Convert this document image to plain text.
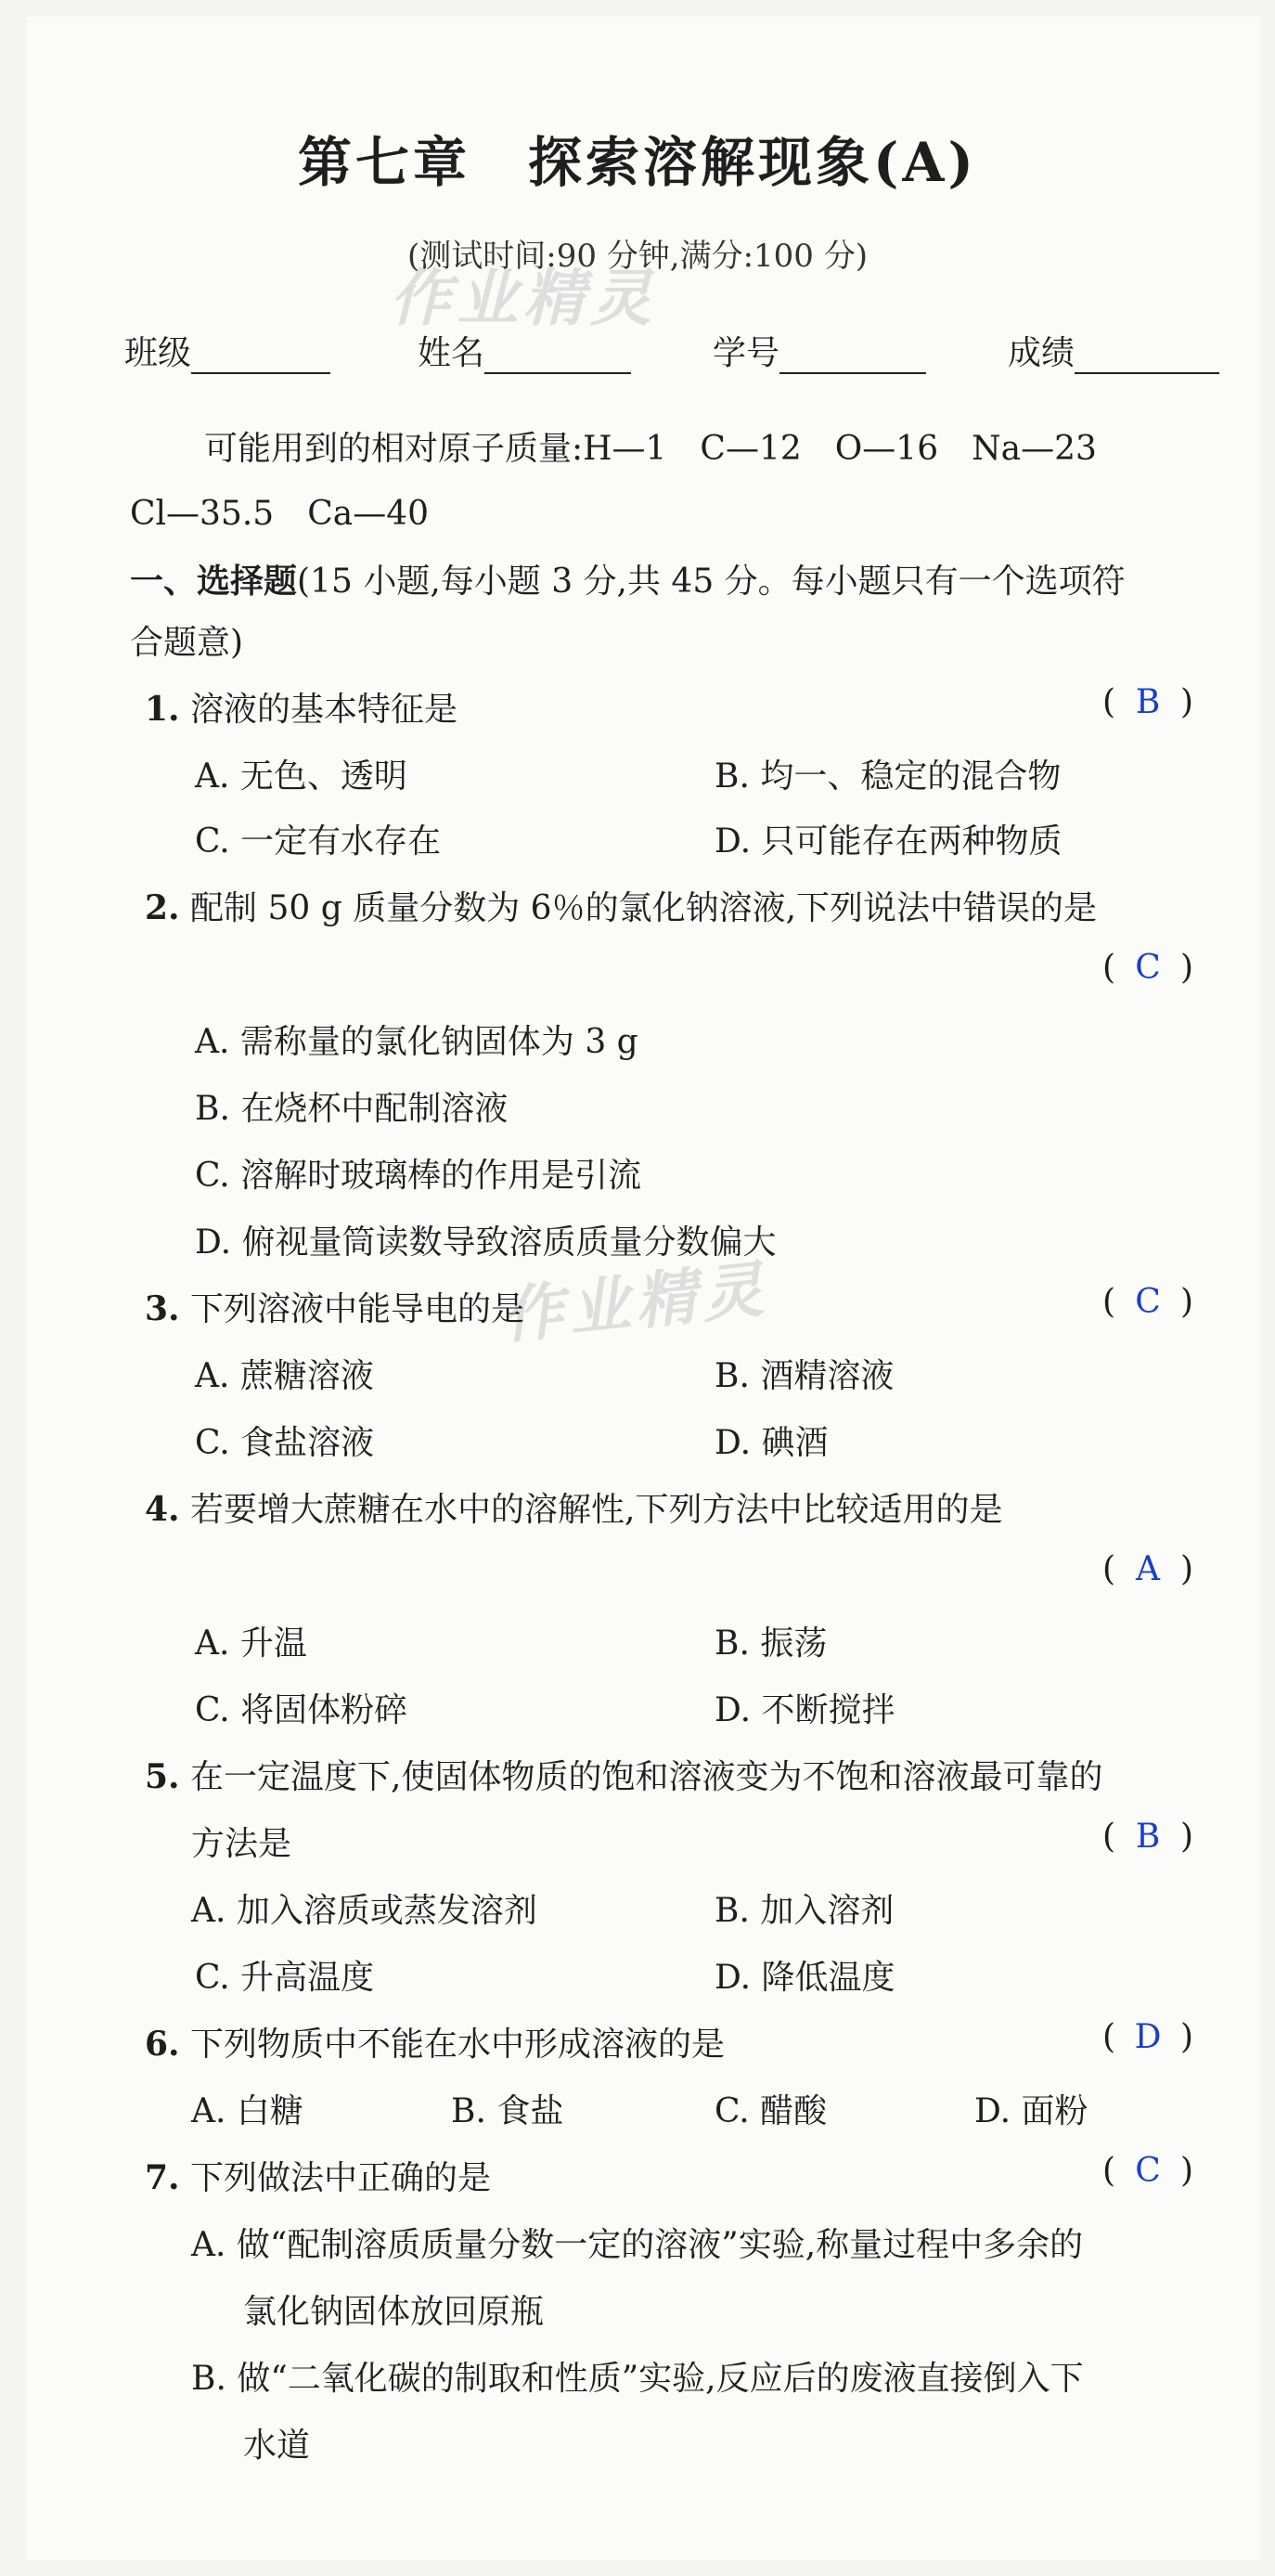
第七章　探索溶解现象(A)
(测试时间:90 分钟,满分:100 分)
作业精灵
作业精灵
班级	姓名	学号	成绩
可能用到的相对原子质量:H—1　C—12　O—16　Na—23
Cl—35.5　Ca—40
一、选择题(15 小题,每小题 3 分,共 45 分。每小题只有一个选项符
合题意)
1. 溶液的基本特征是	( B )
A. 无色、透明	B. 均一、稳定的混合物
C. 一定有水存在	D. 只可能存在两种物质
2. 配制 50 g 质量分数为 6％的氯化钠溶液,下列说法中错误的是
( C )
A. 需称量的氯化钠固体为 3 g
B. 在烧杯中配制溶液
C. 溶解时玻璃棒的作用是引流
D. 俯视量筒读数导致溶质质量分数偏大
3. 下列溶液中能导电的是	( C )
A. 蔗糖溶液	B. 酒精溶液
C. 食盐溶液	D. 碘酒
4. 若要增大蔗糖在水中的溶解性,下列方法中比较适用的是
( A )
A. 升温	B. 振荡
C. 将固体粉碎	D. 不断搅拌
5. 在一定温度下,使固体物质的饱和溶液变为不饱和溶液最可靠的
方法是	( B )
A. 加入溶质或蒸发溶剂	B. 加入溶剂
C. 升高温度	D. 降低温度
6. 下列物质中不能在水中形成溶液的是	( D )
A. 白糖	B. 食盐	C. 醋酸	D. 面粉
7. 下列做法中正确的是	( C )
A. 做“配制溶质质量分数一定的溶液”实验,称量过程中多余的
氯化钠固体放回原瓶
B. 做“二氧化碳的制取和性质”实验,反应后的废液直接倒入下
水道
